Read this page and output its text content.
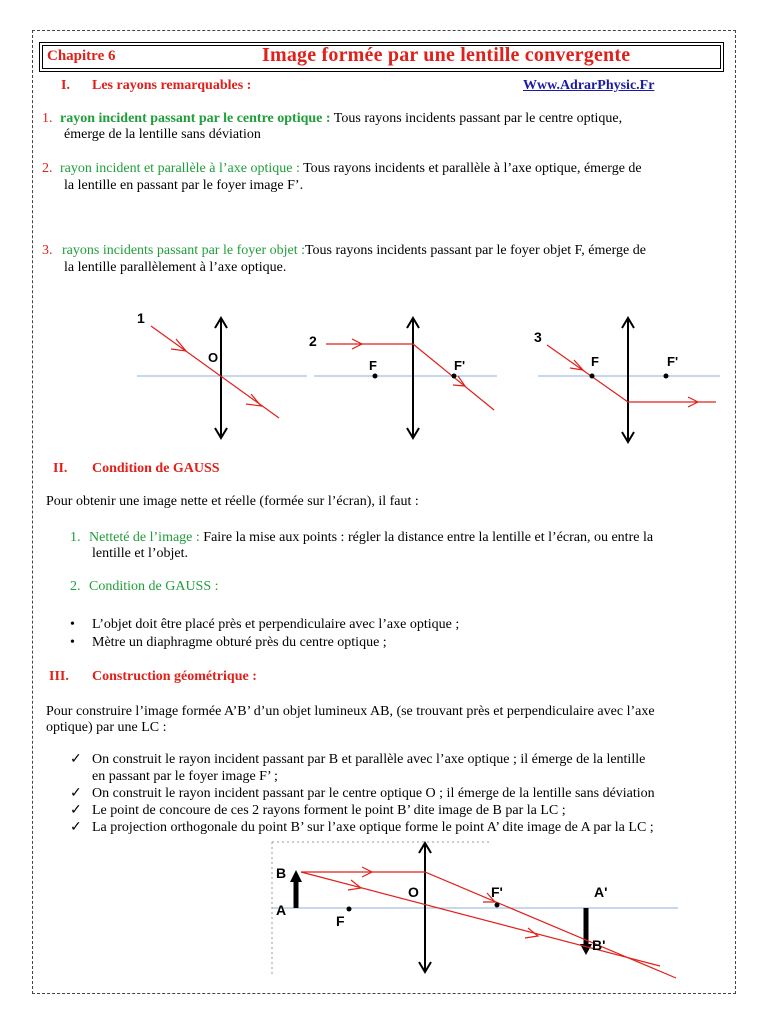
Chapitre 6	Image formée par une lentille convergente
I. Les rayons remarquables :	Www.AdrarPhysic.Fr
1. rayon incident passant par le centre optique : Tous rayons incidents passant par le centre optique,
émerge de la lentille sans déviation
2. rayon incident et parallèle à l’axe optique : Tous rayons incidents et parallèle à l’axe optique, émerge de
la lentille en passant par le foyer image F’.
3. rayons incidents passant par le foyer objet :Tous rayons incidents passant par le foyer objet F, émerge de
la lentille parallèlement à l’axe optique.
1
O
2
F	F'
3
F	F'
II. Condition de GAUSS
Pour obtenir une image nette et réelle (formée sur l’écran), il faut :
1. Netteté de l’image : Faire la mise aux points : régler la distance entre la lentille et l’écran, ou entre la
lentille et l’objet.
2. Condition de GAUSS :
• L’objet doit être placé près et perpendiculaire avec l’axe optique ;
• Mètre un diaphragme obturé près du centre optique ;
III. Construction géométrique :
Pour construire l’image formée A’B’ d’un objet lumineux AB, (se trouvant près et perpendiculaire avec l’axe
optique) par une LC :
✓ On construit le rayon incident passant par B et parallèle avec l’axe optique ; il émerge de la lentille
en passant par le foyer image F’ ;
✓ On construit le rayon incident passant par le centre optique O ; il émerge de la lentille sans déviation
✓ Le point de concoure de ces 2 rayons forment le point B’ dite image de B par la LC ;
✓ La projection orthogonale du point B’ sur l’axe optique forme le point A’ dite image de A par la LC ;
B
A
F
O	F'	A'
B'
